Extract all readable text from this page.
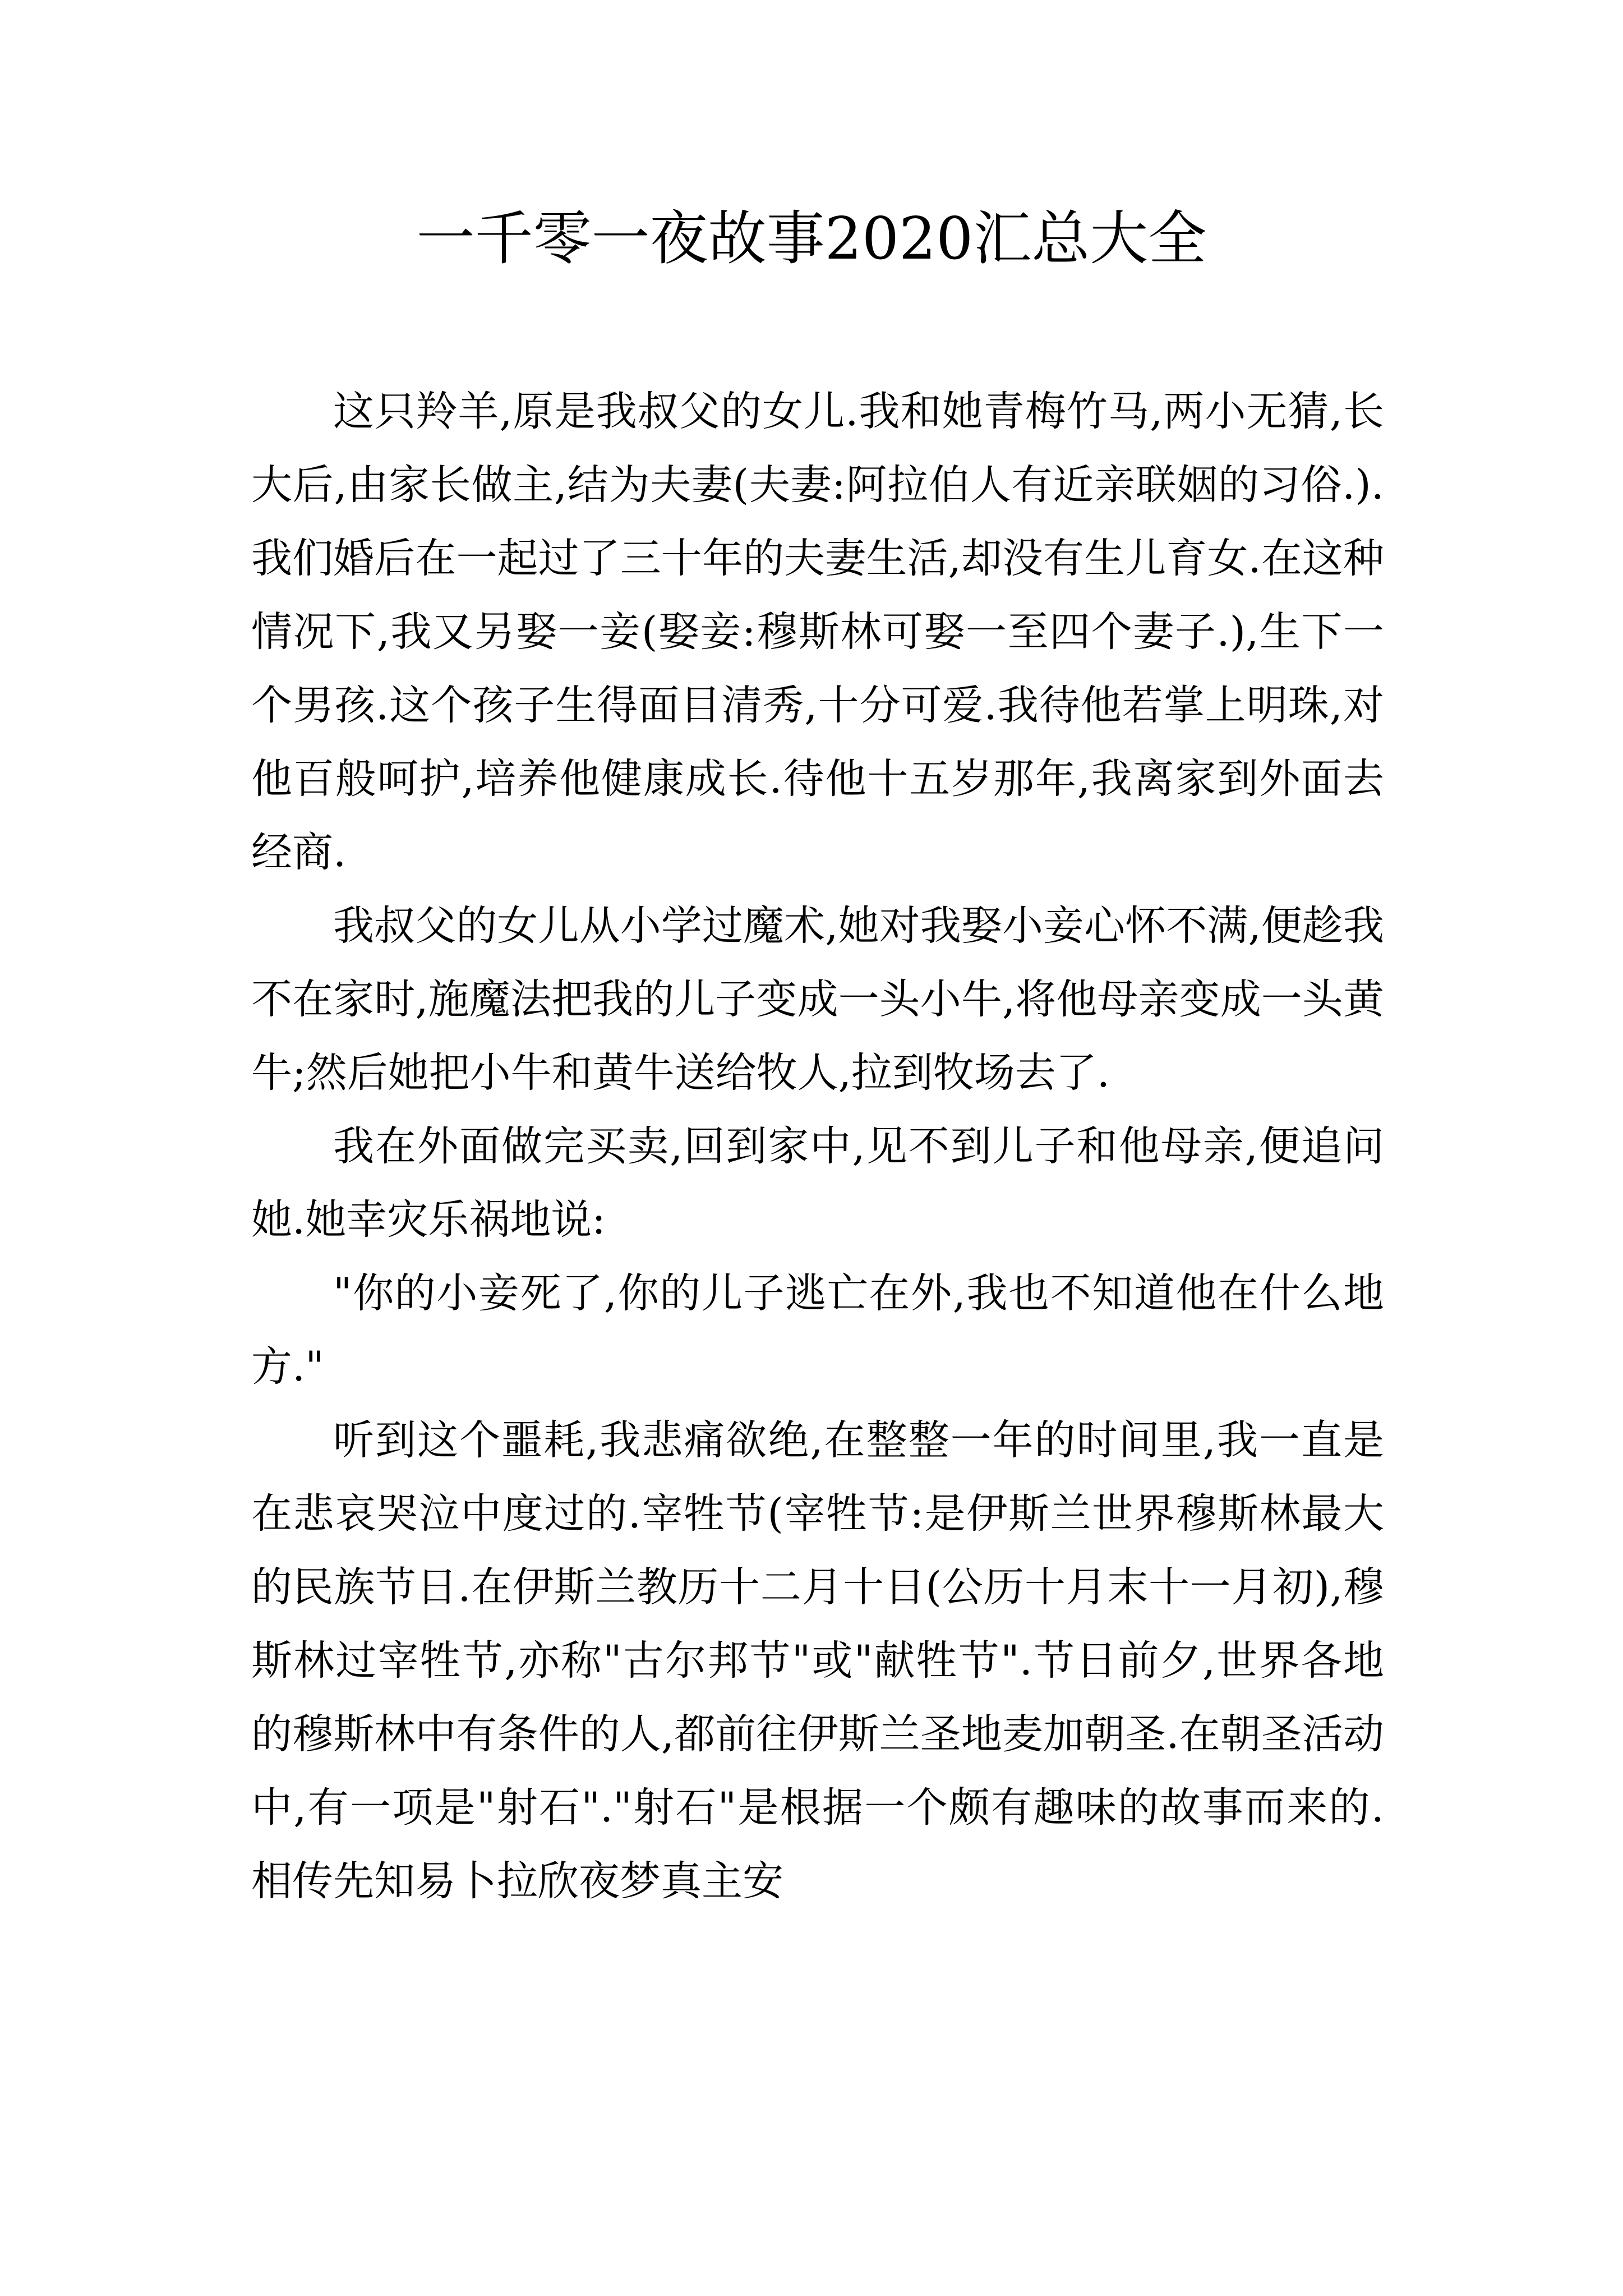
一千零一夜故事2020汇总大全

这只羚羊,原是我叔父的女儿.我和她青梅竹马,两小无猜,长大后,由家长做主,结为夫妻(夫妻:阿拉伯人有近亲联姻的习俗.).我们婚后在一起过了三十年的夫妻生活,却没有生儿育女.在这种情况下,我又另娶一妾(娶妾:穆斯林可娶一至四个妻子.),生下一个男孩.这个孩子生得面目清秀,十分可爱.我待他若掌上明珠,对他百般呵护,培养他健康成长.待他十五岁那年,我离家到外面去经商.

我叔父的女儿从小学过魔术,她对我娶小妾心怀不满,便趁我不在家时,施魔法把我的儿子变成一头小牛,将他母亲变成一头黄牛;然后她把小牛和黄牛送给牧人,拉到牧场去了.

我在外面做完买卖,回到家中,见不到儿子和他母亲,便追问她.她幸灾乐祸地说:

"你的小妾死了,你的儿子逃亡在外,我也不知道他在什么地方."

听到这个噩耗,我悲痛欲绝,在整整一年的时间里,我一直是在悲哀哭泣中度过的.宰牲节(宰牲节:是伊斯兰世界穆斯林最大的民族节日.在伊斯兰教历十二月十日(公历十月末十一月初),穆斯林过宰牲节,亦称"古尔邦节"或"献牲节".节日前夕,世界各地的穆斯林中有条件的人,都前往伊斯兰圣地麦加朝圣.在朝圣活动中,有一项是"射石"."射石"是根据一个颇有趣味的故事而来的.相传先知易卜拉欣夜梦真主安
